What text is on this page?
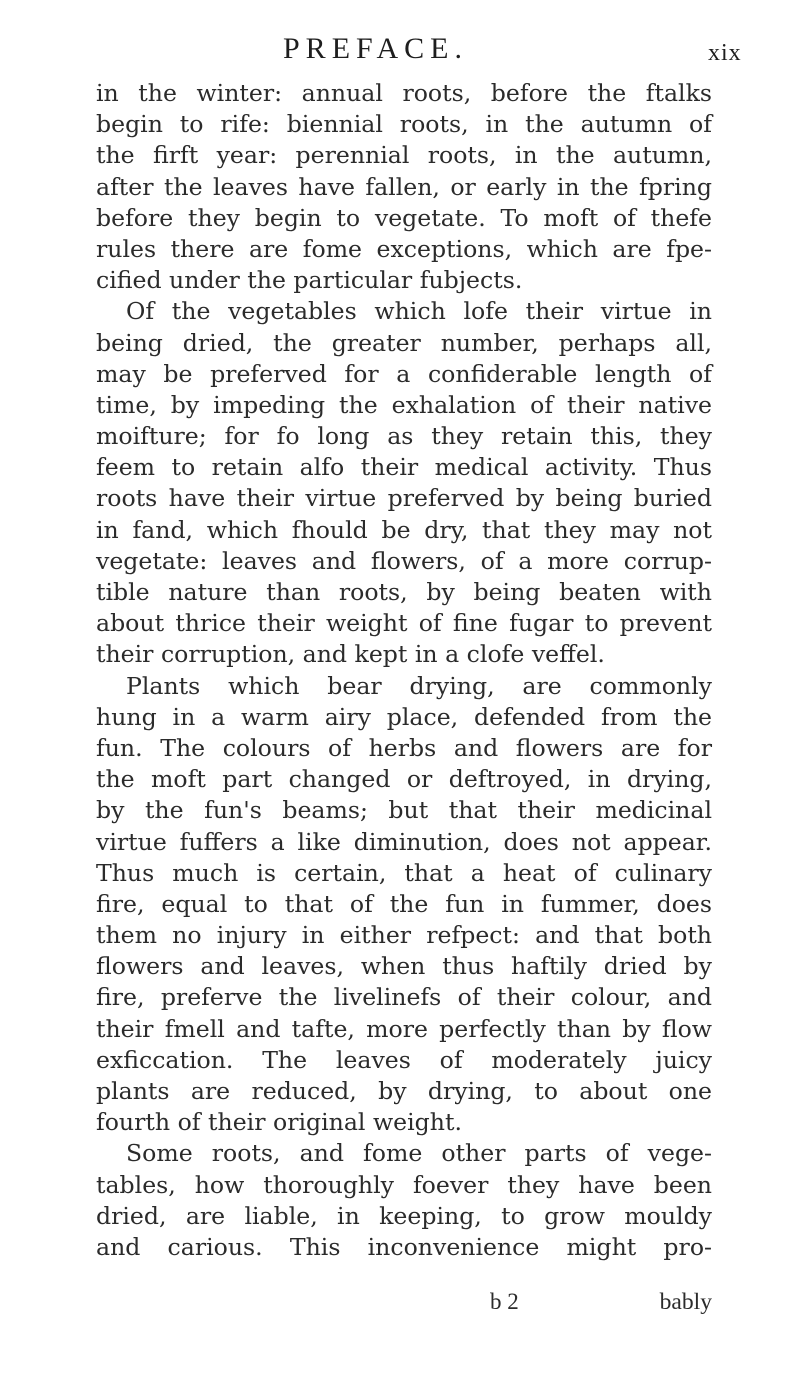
PREFACE.	xix
in the winter: annual roots, before the ftalks
begin to rife: biennial roots, in the autumn of
the firft year: perennial roots, in the autumn,
after the leaves have fallen, or early in the fpring
before they begin to vegetate. To moft of thefe
rules there are fome exceptions, which are fpe-
cified under the particular fubjects.
Of the vegetables which lofe their virtue in
being dried, the greater number, perhaps all,
may be preferved for a confiderable length of
time, by impeding the exhalation of their native
moifture; for fo long as they retain this, they
feem to retain alfo their medical activity. Thus
roots have their virtue preferved by being buried
in fand, which fhould be dry, that they may not
vegetate: leaves and flowers, of a more corrup-
tible nature than roots, by being beaten with
about thrice their weight of fine fugar to prevent
their corruption, and kept in a clofe veffel.
Plants which bear drying, are commonly
hung in a warm airy place, defended from the
fun. The colours of herbs and flowers are for
the moft part changed or deftroyed, in drying,
by the fun's beams; but that their medicinal
virtue fuffers a like diminution, does not appear.
Thus much is certain, that a heat of culinary
fire, equal to that of the fun in fummer, does
them no injury in either refpect: and that both
flowers and leaves, when thus haftily dried by
fire, preferve the livelinefs of their colour, and
their fmell and tafte, more perfectly than by flow
exficcation. The leaves of moderately juicy
plants are reduced, by drying, to about one
fourth of their original weight.
Some roots, and fome other parts of vege-
tables, how thoroughly foever they have been
dried, are liable, in keeping, to grow mouldy
and carious. This inconvenience might pro-
b 2	bably
